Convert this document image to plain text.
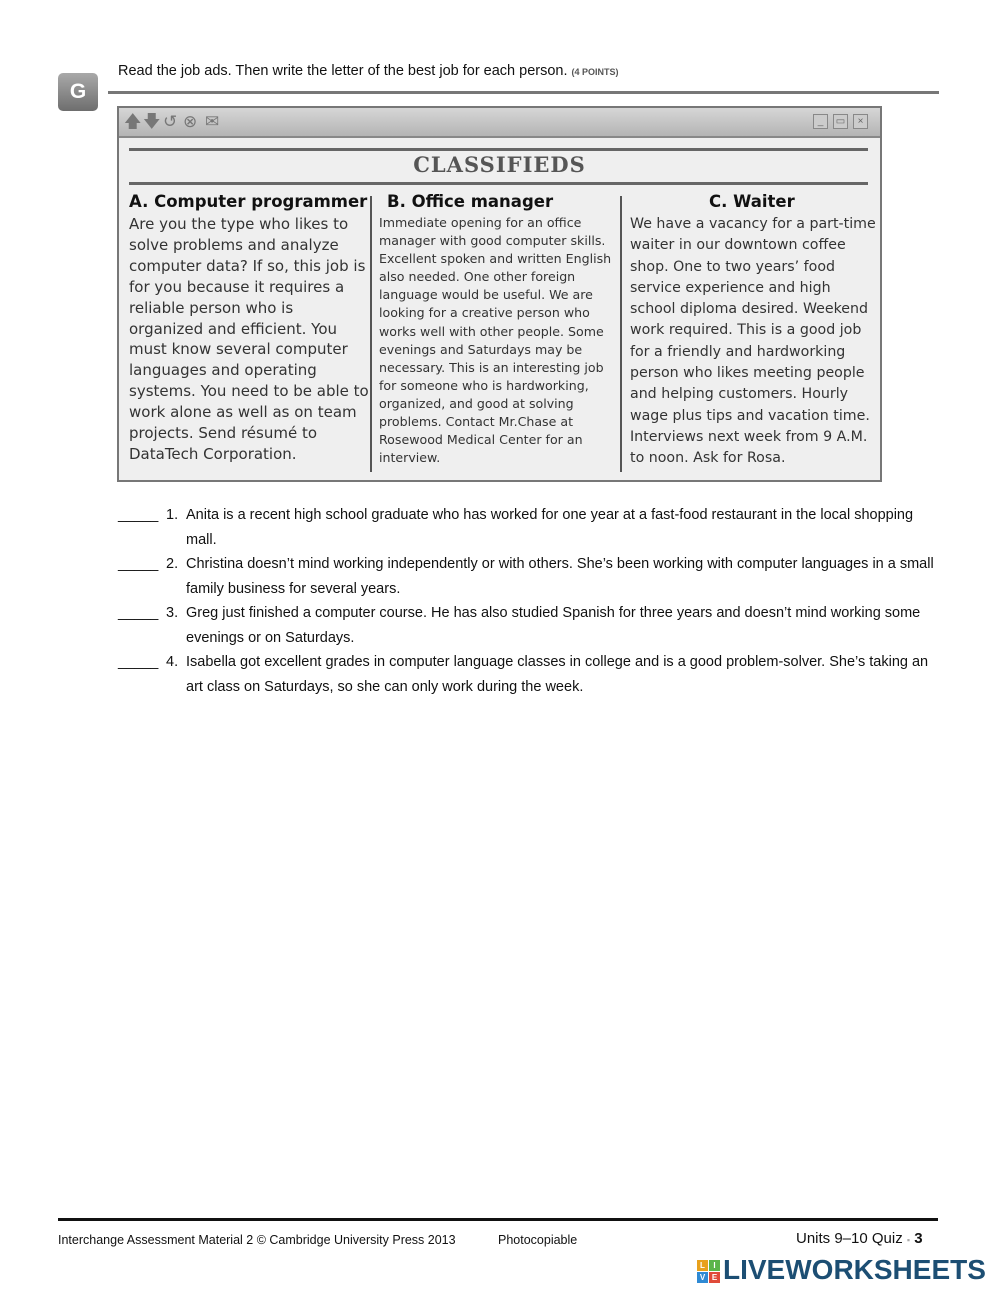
G
Read the job ads. Then write the letter of the best job for each person. (4 POINTS)
🡅 🡇 ↺ ⊗ ✉	_	▭	×
CLASSIFIEDS
A. Computer programmer
Are you the type who likes to
solve problems and analyze
computer data? If so, this job is
for you because it requires a
reliable person who is
organized and efficient. You
must know several computer
languages and operating
systems. You need to be able to
work alone as well as on team
projects. Send résumé to
DataTech Corporation.
B. Office manager
Immediate opening for an office
manager with good computer skills.
Excellent spoken and written English
also needed. One other foreign
language would be useful. We are
looking for a creative person who
works well with other people. Some
evenings and Saturdays may be
necessary. This is an interesting job
for someone who is hardworking,
organized, and good at solving
problems. Contact Mr.Chase at
Rosewood Medical Center for an
interview.
C. Waiter
We have a vacancy for a part-time
waiter in our downtown coffee
shop. One to two years’ food
service experience and high
school diploma desired. Weekend
work required. This is a good job
for a friendly and hardworking
person who likes meeting people
and helping customers. Hourly
wage plus tips and vacation time.
Interviews next week from 9 A.M.
to noon. Ask for Rosa.
_____ 1. Anita is a recent high school graduate who has worked for one year at a fast-food restaurant in the local shopping mall.
_____ 2. Christina doesn’t mind working independently or with others. She’s been working with computer languages in a small family business for several years.
_____ 3. Greg just finished a computer course. He has also studied Spanish for three years and doesn’t mind working some evenings or on Saturdays.
_____ 4. Isabella got excellent grades in computer language classes in college and is a good problem-solver. She’s taking an art class on Saturdays, so she can only work during the week.
Interchange Assessment Material 2 © Cambridge University Press 2013	Photocopiable	Units 9–10 Quiz ▪ 3
L	I
V E LIVEWORKSHEETS
